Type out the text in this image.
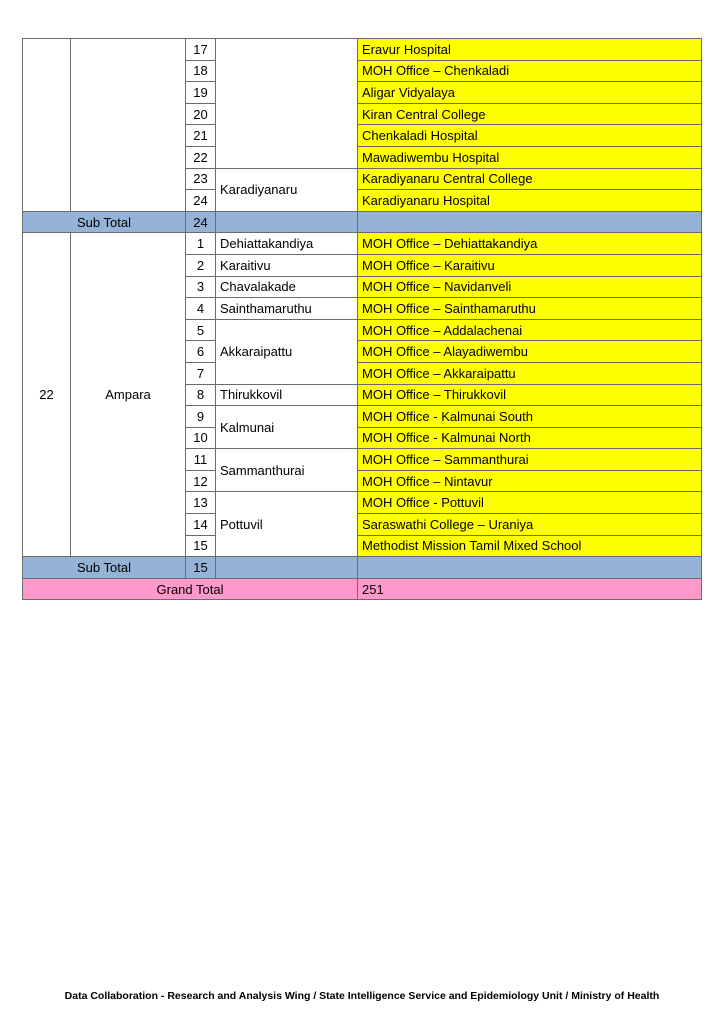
		17		Eravur Hospital
		18		MOH Office – Chenkaladi
		19		Aligar Vidyalaya
		20		Kiran Central College
		21		Chenkaladi Hospital
		22		Mawadiwembu Hospital
		23	Karadiyanaru	Karadiyanaru Central College
		24		Karadiyanaru Hospital
Sub Total		24		
22	Ampara	1	Dehiattakandiya	MOH Office – Dehiattakandiya
		2	Karaitivu	MOH Office – Karaitivu
		3	Chavalakade	MOH Office – Navidanveli
		4	Sainthamaruthu	MOH Office – Sainthamaruthu
		5	Akkaraipattu	MOH Office – Addalachenai
		6		MOH Office – Alayadiwembu
		7		MOH Office – Akkaraipattu
		8	Thirukkovil	MOH Office – Thirukkovil
		9	Kalmunai	MOH Office - Kalmunai South
		10		MOH Office - Kalmunai North
		11	Sammanthurai	MOH Office – Sammanthurai
		12		MOH Office – Nintavur
		13	Pottuvil	MOH Office - Pottuvil
		14		Saraswathi College – Uraniya
		15		Methodist Mission Tamil Mixed School
Sub Total		15		
Grand Total				251
Data Collaboration - Research and Analysis Wing / State Intelligence Service and Epidemiology Unit / Ministry of Health
